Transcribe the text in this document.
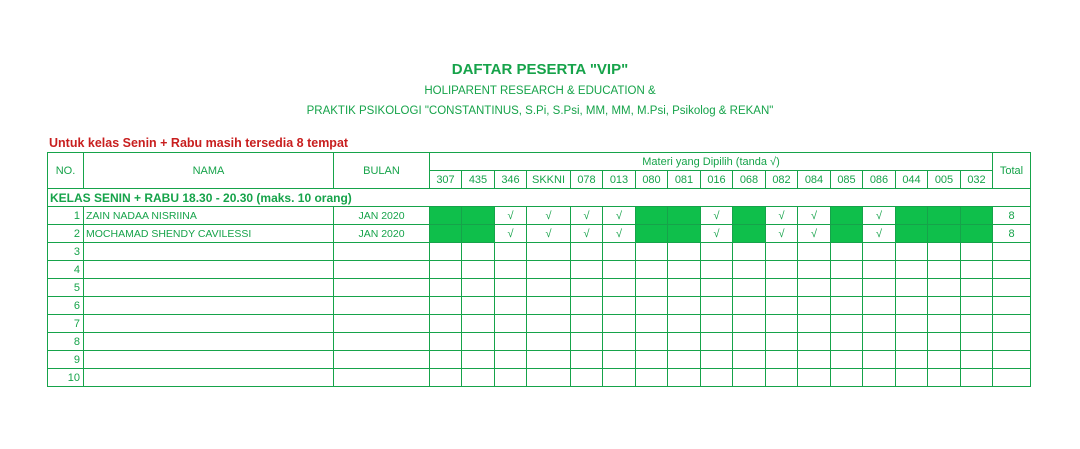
DAFTAR PESERTA "VIP"
HOLIPARENT RESEARCH & EDUCATION &
PRAKTIK PSIKOLOGI "CONSTANTINUS, S.Pi, S.Psi, MM, MM, M.Psi, Psikolog & REKAN"
Untuk kelas Senin + Rabu masih tersedia 8 tempat
NO.	NAMA	BULAN	Materi yang Dipilih (tanda √)																	Total
			307	435	346	SKKNI	078	013	080	081	016	068	082	084	085	086	044	005	032	
KELAS SENIN + RABU 18.30 - 20.30 (maks. 10 orang)																				
1	ZAIN NADAA NISRIINA	JAN 2020			√	√	√	√			√		√	√		√				8
2	MOCHAMAD SHENDY CAVILESSI	JAN 2020			√	√	√	√			√		√	√		√				8
3																				
4																				
5																				
6																				
7																				
8																				
9																				
10																				
